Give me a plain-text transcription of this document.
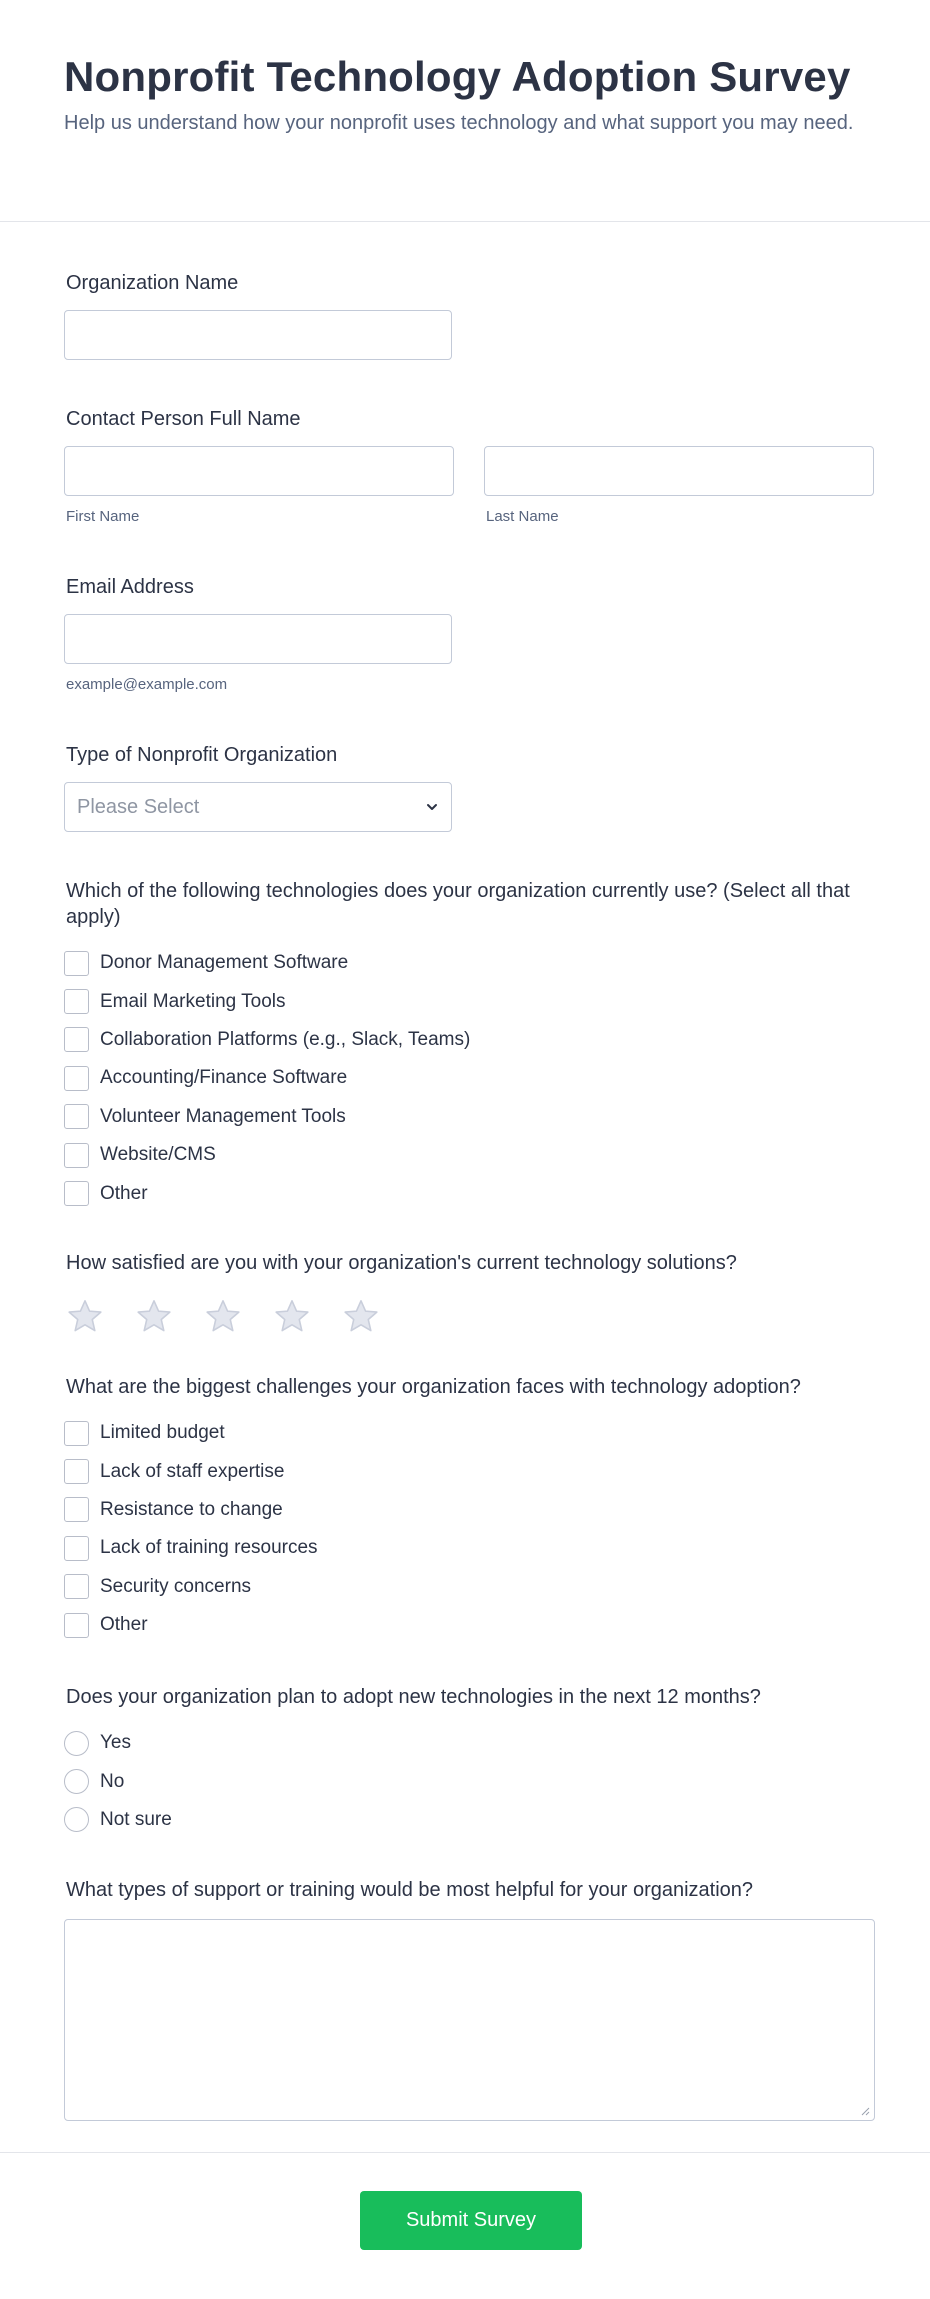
Nonprofit Technology Adoption Survey

Help us understand how your nonprofit uses technology and what support you may need.

Organization Name
Contact Person Full Name
First Name	Last Name
Email Address
example@example.com
Type of Nonprofit Organization
Please Select
Which of the following technologies does your organization currently use? (Select all that apply)
Donor Management Software
Email Marketing Tools
Collaboration Platforms (e.g., Slack, Teams)
Accounting/Finance Software
Volunteer Management Tools
Website/CMS
Other
How satisfied are you with your organization's current technology solutions?
What are the biggest challenges your organization faces with technology adoption?
Limited budget
Lack of staff expertise
Resistance to change
Lack of training resources
Security concerns
Other
Does your organization plan to adopt new technologies in the next 12 months?
Yes
No
Not sure
What types of support or training would be most helpful for your organization?
Submit Survey
